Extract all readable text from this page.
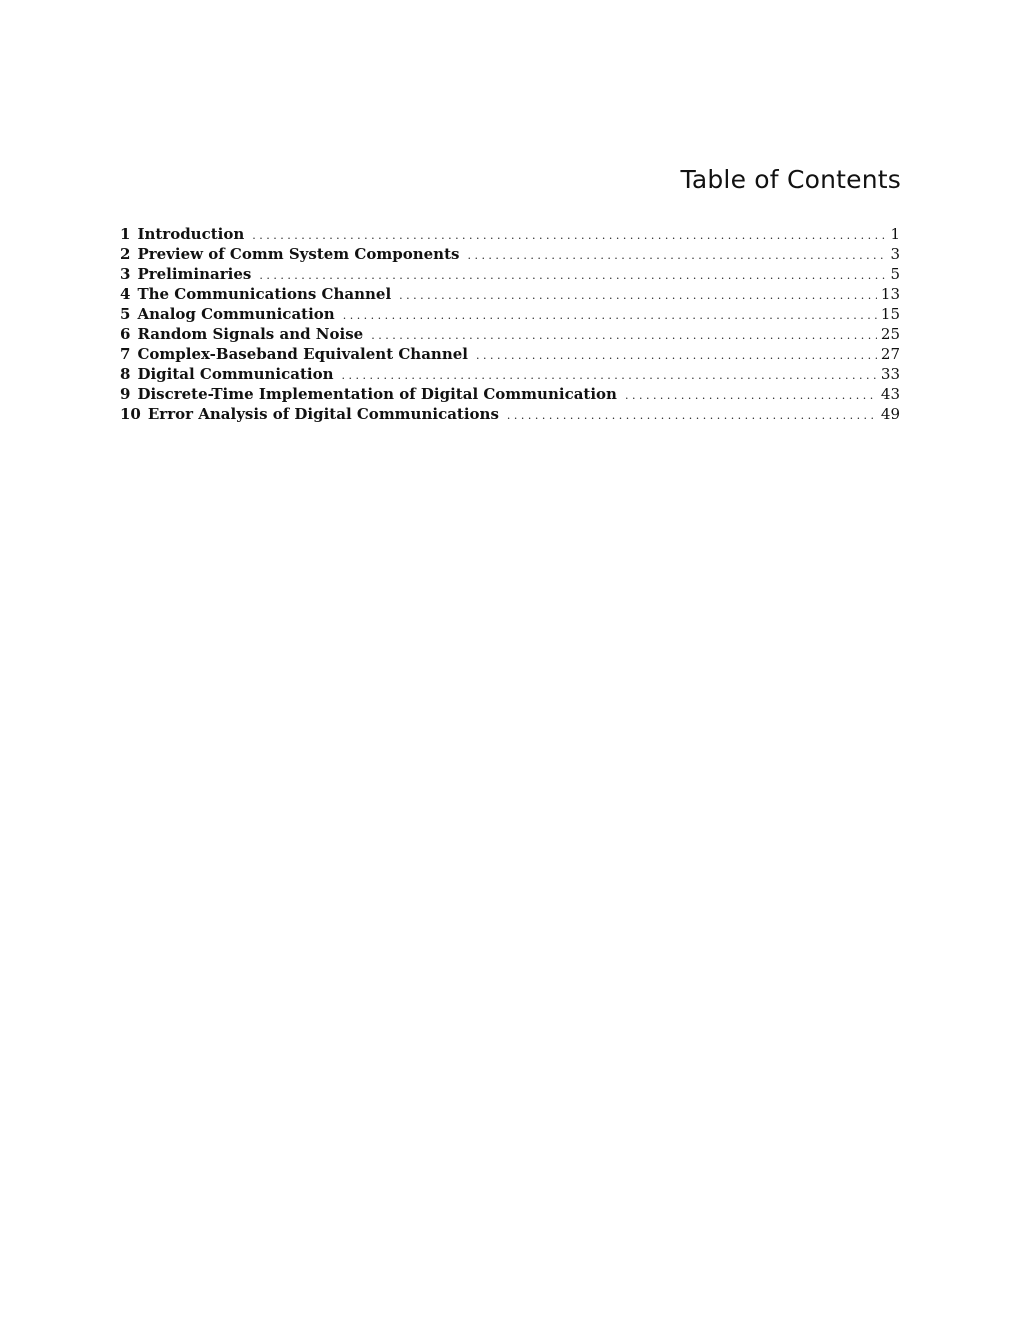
Table of Contents
1 Introduction . . .	1
2 Preview of Comm System Components . . .	3
3 Preliminaries . . .	5
4 The Communications Channel . . .	13
5 Analog Communication . . .	15
6 Random Signals and Noise . . .	25
7 Complex-Baseband Equivalent Channel . . .	27
8 Digital Communication . . .	33
9 Discrete-Time Implementation of Digital Communication . . .	43
10 Error Analysis of Digital Communications . . .	49
